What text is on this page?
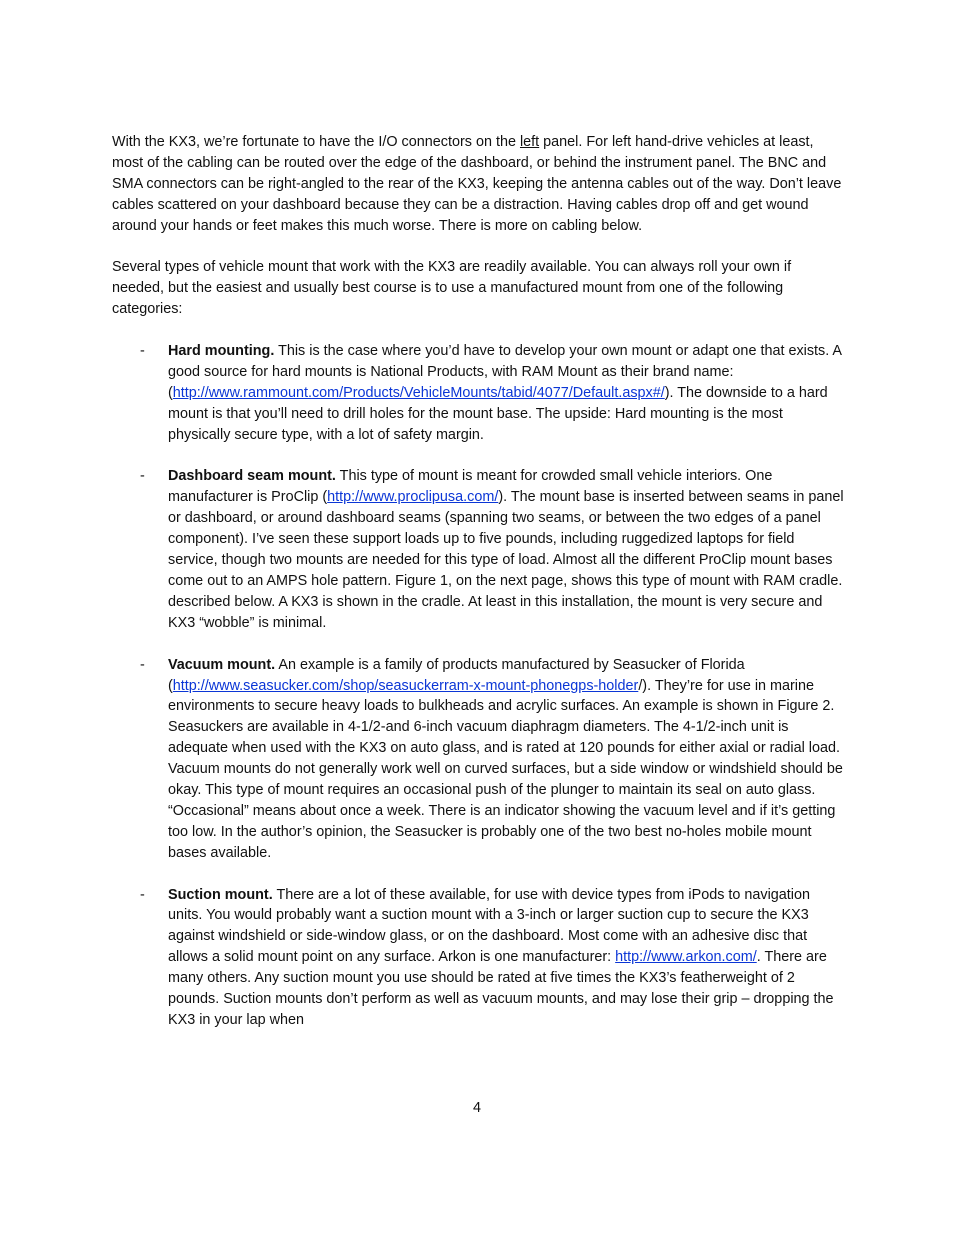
With the KX3, we’re fortunate to have the I/O connectors on the left panel. For left hand-drive vehicles at least, most of the cabling can be routed over the edge of the dashboard, or behind the instrument panel. The BNC and SMA connectors can be right-angled to the rear of the KX3, keeping the antenna cables out of the way. Don’t leave cables scattered on your dashboard because they can be a distraction. Having cables drop off and get wound around your hands or feet makes this much worse. There is more on cabling below.

Several types of vehicle mount that work with the KX3 are readily available. You can always roll your own if needed, but the easiest and usually best course is to use a manufactured mount from one of the following categories:

- Hard mounting. This is the case where you’d have to develop your own mount or adapt one that exists. A good source for hard mounts is National Products, with RAM Mount as their brand name: (http://www.rammount.com/Products/VehicleMounts/tabid/4077/Default.aspx#/). The downside to a hard mount is that you’ll need to drill holes for the mount base. The upside: Hard mounting is the most physically secure type, with a lot of safety margin.
- Dashboard seam mount. This type of mount is meant for crowded small vehicle interiors. One manufacturer is ProClip (http://www.proclipusa.com/). The mount base is inserted between seams in panel or dashboard, or around dashboard seams (spanning two seams, or between the two edges of a panel component). I’ve seen these support loads up to five pounds, including ruggedized laptops for field service, though two mounts are needed for this type of load. Almost all the different ProClip mount bases come out to an AMPS hole pattern. Figure 1, on the next page, shows this type of mount with RAM cradle. described below. A KX3 is shown in the cradle. At least in this installation, the mount is very secure and KX3 “wobble” is minimal.
- Vacuum mount. An example is a family of products manufactured by Seasucker of Florida (http://www.seasucker.com/shop/seasuckerram-x-mount-phonegps-holder/). They’re for use in marine environments to secure heavy loads to bulkheads and acrylic surfaces. An example is shown in Figure 2. Seasuckers are available in 4-1/2-and 6-inch vacuum diaphragm diameters. The 4-1/2-inch unit is adequate when used with the KX3 on auto glass, and is rated at 120 pounds for either axial or radial load. Vacuum mounts do not generally work well on curved surfaces, but a side window or windshield should be okay. This type of mount requires an occasional push of the plunger to maintain its seal on auto glass. “Occasional” means about once a week. There is an indicator showing the vacuum level and if it’s getting too low. In the author’s opinion, the Seasucker is probably one of the two best no-holes mobile mount bases available.
- Suction mount. There are a lot of these available, for use with device types from iPods to navigation units. You would probably want a suction mount with a 3-inch or larger suction cup to secure the KX3 against windshield or side-window glass, or on the dashboard. Most come with an adhesive disc that allows a solid mount point on any surface. Arkon is one manufacturer: http://www.arkon.com/. There are many others. Any suction mount you use should be rated at five times the KX3’s featherweight of 2 pounds. Suction mounts don’t perform as well as vacuum mounts, and may lose their grip – dropping the KX3 in your lap when
4
